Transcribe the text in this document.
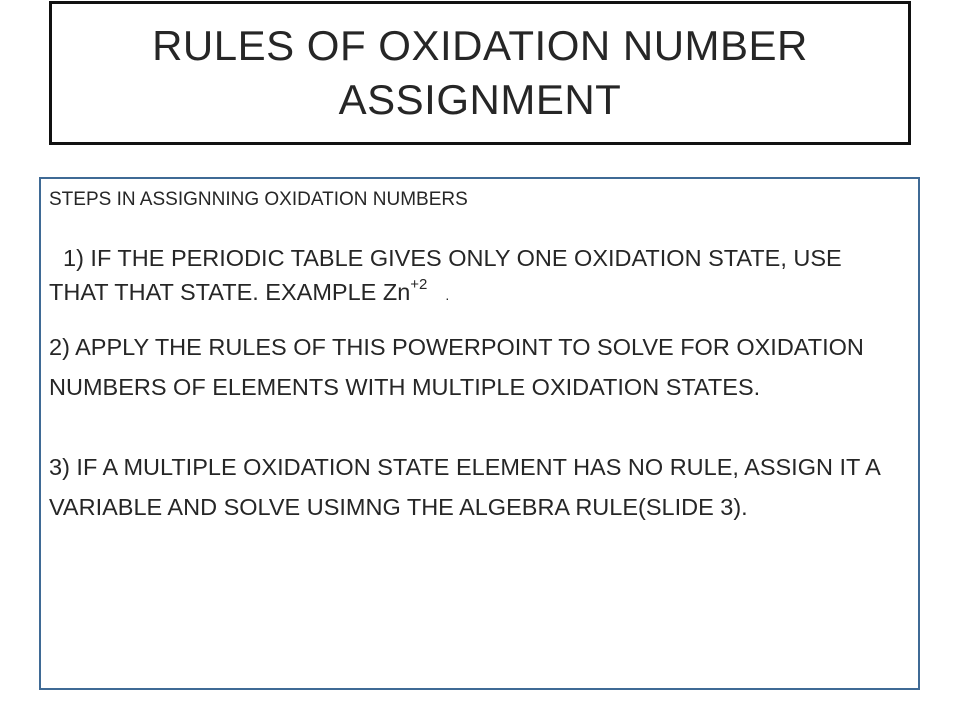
RULES OF OXIDATION NUMBER ASSIGNMENT

STEPS IN ASSIGNNING OXIDATION NUMBERS

1) IF THE PERIODIC TABLE GIVES ONLY ONE OXIDATION STATE, USE THAT THAT STATE. EXAMPLE $Zn^{+2}$.

2) APPLY THE RULES OF THIS POWERPOINT TO SOLVE FOR OXIDATION NUMBERS OF ELEMENTS WITH MULTIPLE OXIDATION STATES.

3) IF A MULTIPLE OXIDATION STATE ELEMENT HAS NO RULE, ASSIGN IT A VARIABLE AND SOLVE USIMNG THE ALGEBRA RULE(SLIDE 3).
